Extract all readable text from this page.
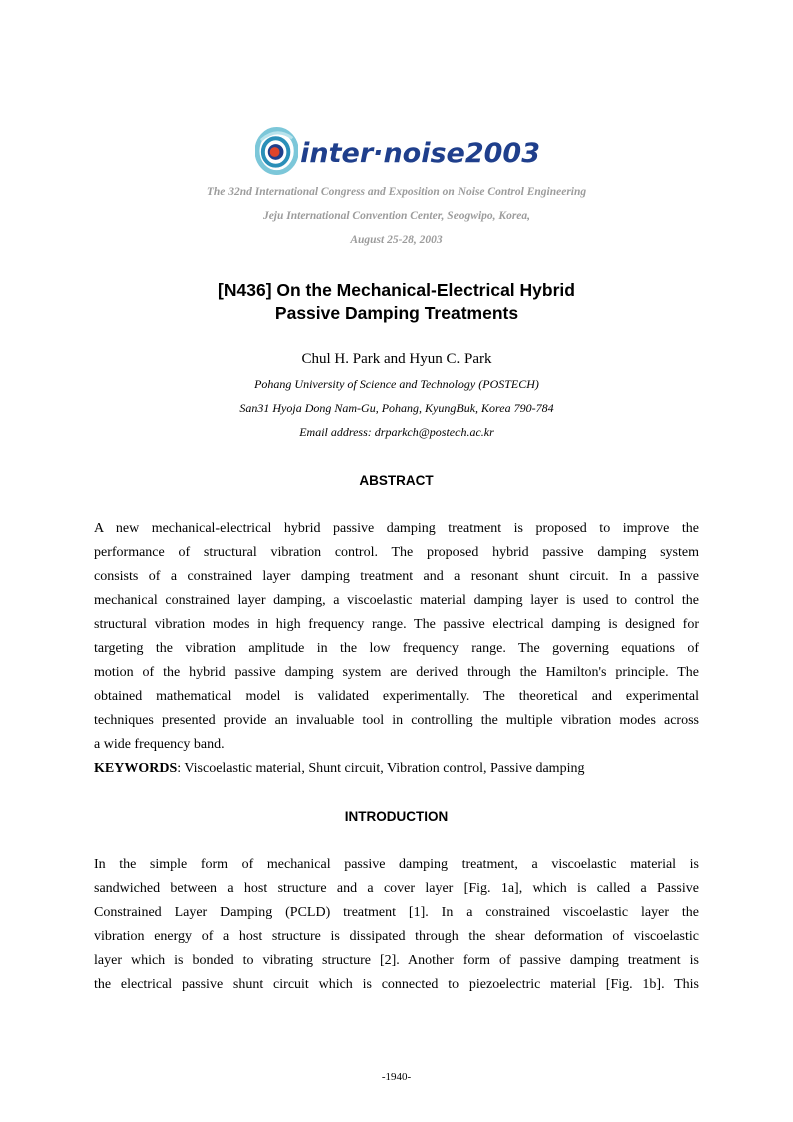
inter·noise2003
The 32nd International Congress and Exposition on Noise Control Engineering
Jeju International Convention Center, Seogwipo, Korea,
August 25-28, 2003
[N436] On the Mechanical-Electrical Hybrid
Passive Damping Treatments
Chul H. Park and Hyun C. Park
Pohang University of Science and Technology (POSTECH)
San31 Hyoja Dong Nam-Gu, Pohang, KyungBuk, Korea 790-784
Email address: drparkch@postech.ac.kr
ABSTRACT
A new mechanical-electrical hybrid passive damping treatment is proposed to improve the
performance of structural vibration control. The proposed hybrid passive damping system
consists of a constrained layer damping treatment and a resonant shunt circuit. In a passive
mechanical constrained layer damping, a viscoelastic material damping layer is used to control the
structural vibration modes in high frequency range. The passive electrical damping is designed for
targeting the vibration amplitude in the low frequency range. The governing equations of
motion of the hybrid passive damping system are derived through the Hamilton's principle. The
obtained mathematical model is validated experimentally. The theoretical and experimental
techniques presented provide an invaluable tool in controlling the multiple vibration modes across
a wide frequency band.
KEYWORDS: Viscoelastic material, Shunt circuit, Vibration control, Passive damping
INTRODUCTION
In the simple form of mechanical passive damping treatment, a viscoelastic material is
sandwiched between a host structure and a cover layer [Fig. 1a], which is called a Passive
Constrained Layer Damping (PCLD) treatment [1]. In a constrained viscoelastic layer the
vibration energy of a host structure is dissipated through the shear deformation of viscoelastic
layer which is bonded to vibrating structure [2]. Another form of passive damping treatment is
the electrical passive shunt circuit which is connected to piezoelectric material [Fig. 1b]. This
-1940-
